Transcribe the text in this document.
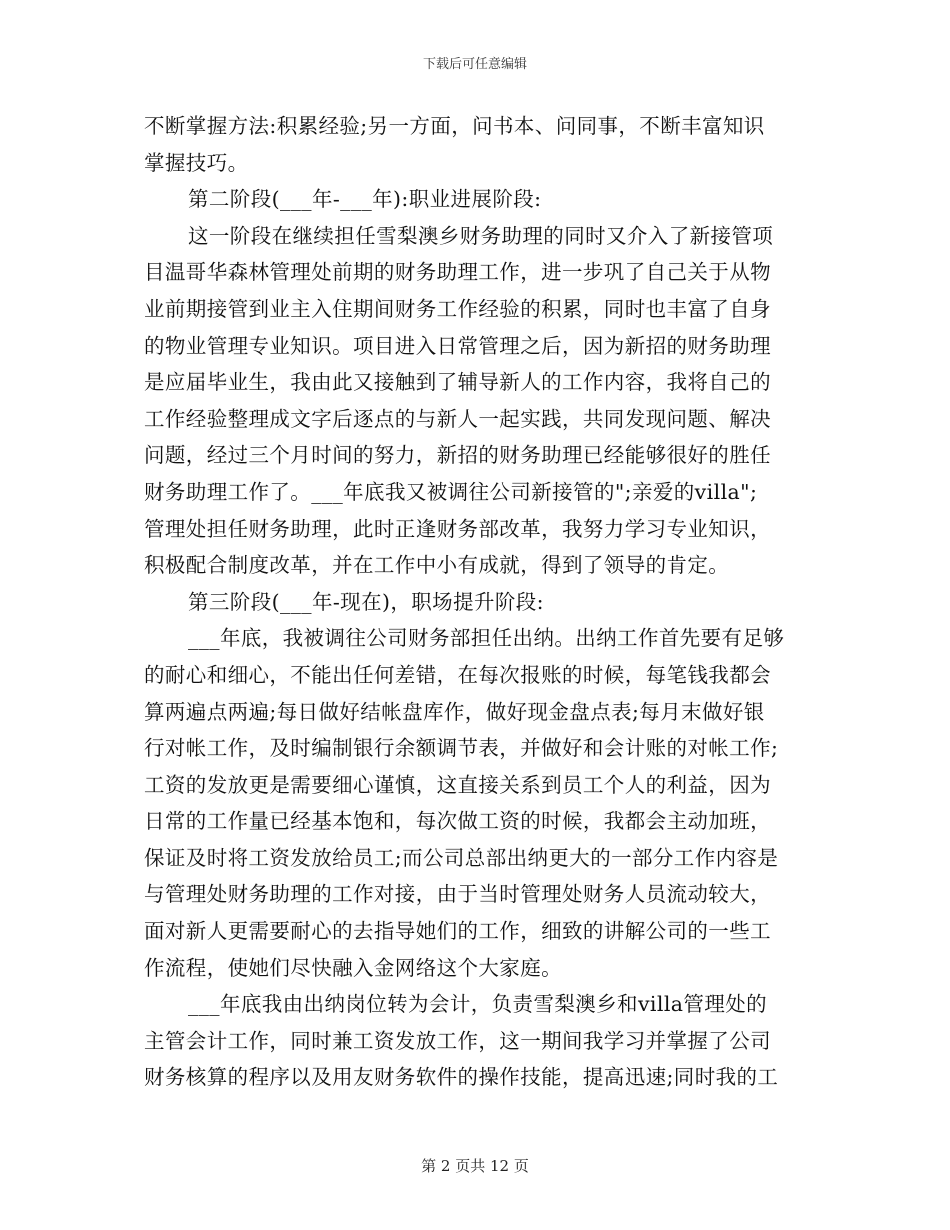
下载后可任意编辑
不断掌握方法:积累经验;另一方面，问书本、问同事，不断丰富知识
掌握技巧。
第二阶段(___年-___年):职业进展阶段:
这一阶段在继续担任雪梨澳乡财务助理的同时又介入了新接管项
目温哥华森林管理处前期的财务助理工作，进一步巩了自己关于从物
业前期接管到业主入住期间财务工作经验的积累，同时也丰富了自身
的物业管理专业知识。项目进入日常管理之后，因为新招的财务助理
是应届毕业生，我由此又接触到了辅导新人的工作内容，我将自己的
工作经验整理成文字后逐点的与新人一起实践，共同发现问题、解决
问题，经过三个月时间的努力，新招的财务助理已经能够很好的胜任
财务助理工作了。___年底我又被调往公司新接管的";亲爱的villa";
管理处担任财务助理，此时正逢财务部改革，我努力学习专业知识，
积极配合制度改革，并在工作中小有成就，得到了领导的肯定。
第三阶段(___年-现在)，职场提升阶段:
___年底，我被调往公司财务部担任出纳。出纳工作首先要有足够
的耐心和细心，不能出任何差错，在每次报账的时候，每笔钱我都会
算两遍点两遍;每日做好结帐盘库作，做好现金盘点表;每月末做好银
行对帐工作，及时编制银行余额调节表，并做好和会计账的对帐工作;
工资的发放更是需要细心谨慎，这直接关系到员工个人的利益，因为
日常的工作量已经基本饱和，每次做工资的时候，我都会主动加班，
保证及时将工资发放给员工;而公司总部出纳更大的一部分工作内容是
与管理处财务助理的工作对接，由于当时管理处财务人员流动较大，
面对新人更需要耐心的去指导她们的工作，细致的讲解公司的一些工
作流程，使她们尽快融入金网络这个大家庭。
___年底我由出纳岗位转为会计，负责雪梨澳乡和villa管理处的
主管会计工作，同时兼工资发放工作，这一期间我学习并掌握了公司
财务核算的程序以及用友财务软件的操作技能，提高迅速;同时我的工
第 2 页共 12 页
